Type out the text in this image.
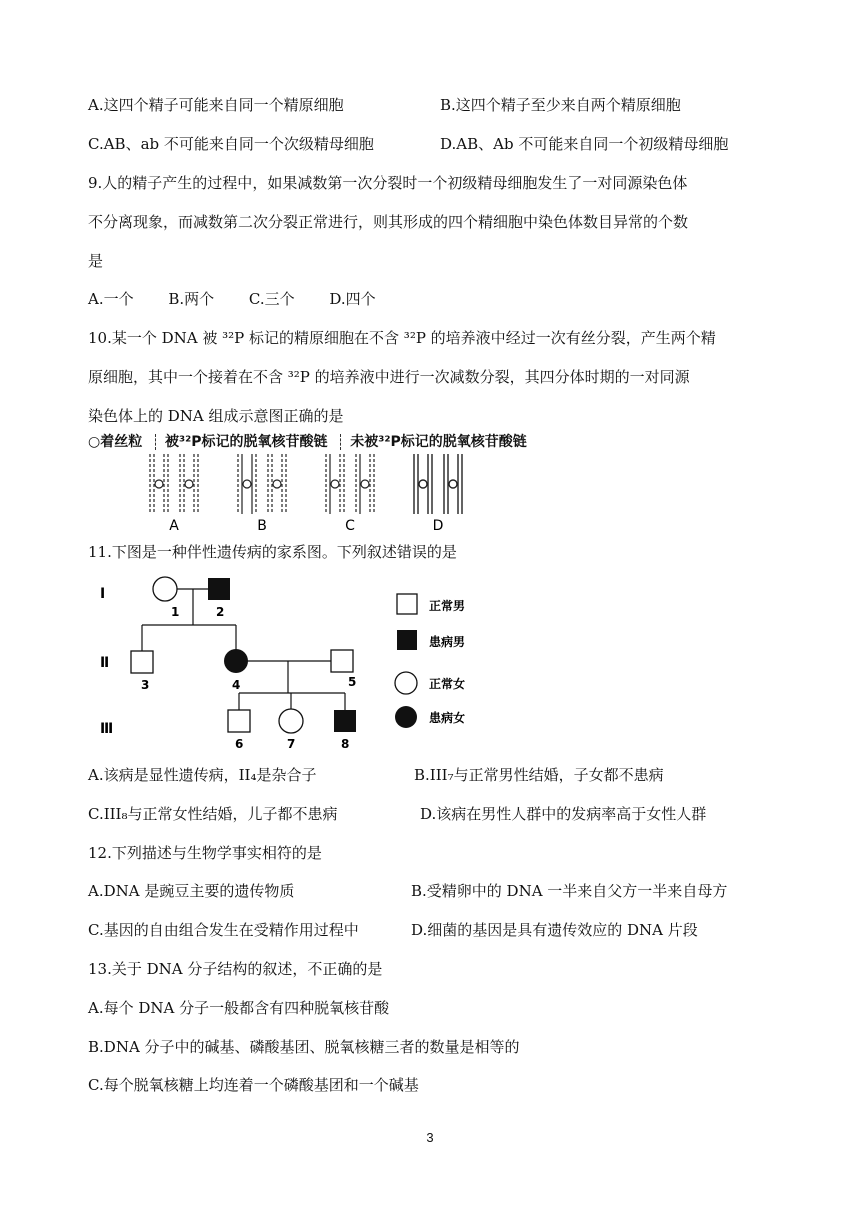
A.这四个精子可能来自同一个精原细胞	B.这四个精子至少来自两个精原细胞
C.AB、ab 不可能来自同一个次级精母细胞	D.AB、Ab 不可能来自同一个初级精母细胞
9.人的精子产生的过程中，如果减数第一次分裂时一个初级精母细胞发生了一对同源染色体
不分离现象，而减数第二次分裂正常进行，则其形成的四个精细胞中染色体数目异常的个数
是
A.一个　　 B.两个　　 C.三个　　 D.四个
10.某一个 DNA 被 ³²P 标记的精原细胞在不含 ³²P 的培养液中经过一次有丝分裂，产生两个精
原细胞，其中一个接着在不含 ³²P 的培养液中进行一次减数分裂，其四分体时期的一对同源
染色体上的 DNA 组成示意图正确的是
○着丝粒 被³²P标记的脱氧核苷酸链 未被³²P标记的脱氧核苷酸链
A	B	C	D
11.下图是一种伴性遗传病的家系图。下列叙述错误的是
Ⅰ
Ⅱ
Ⅲ
1	2
3	4	5
6	7	8
正常男
患病男
正常女
患病女
A.该病是显性遗传病，II₄是杂合子	B.III₇与正常男性结婚，子女都不患病
C.III₈与正常女性结婚，儿子都不患病	D.该病在男性人群中的发病率高于女性人群
12.下列描述与生物学事实相符的是
A.DNA 是豌豆主要的遗传物质	B.受精卵中的 DNA 一半来自父方一半来自母方
C.基因的自由组合发生在受精作用过程中	D.细菌的基因是具有遗传效应的 DNA 片段
13.关于 DNA 分子结构的叙述，不正确的是
A.每个 DNA 分子一般都含有四种脱氧核苷酸
B.DNA 分子中的碱基、磷酸基团、脱氧核糖三者的数量是相等的
C.每个脱氧核糖上均连着一个磷酸基团和一个碱基
3
